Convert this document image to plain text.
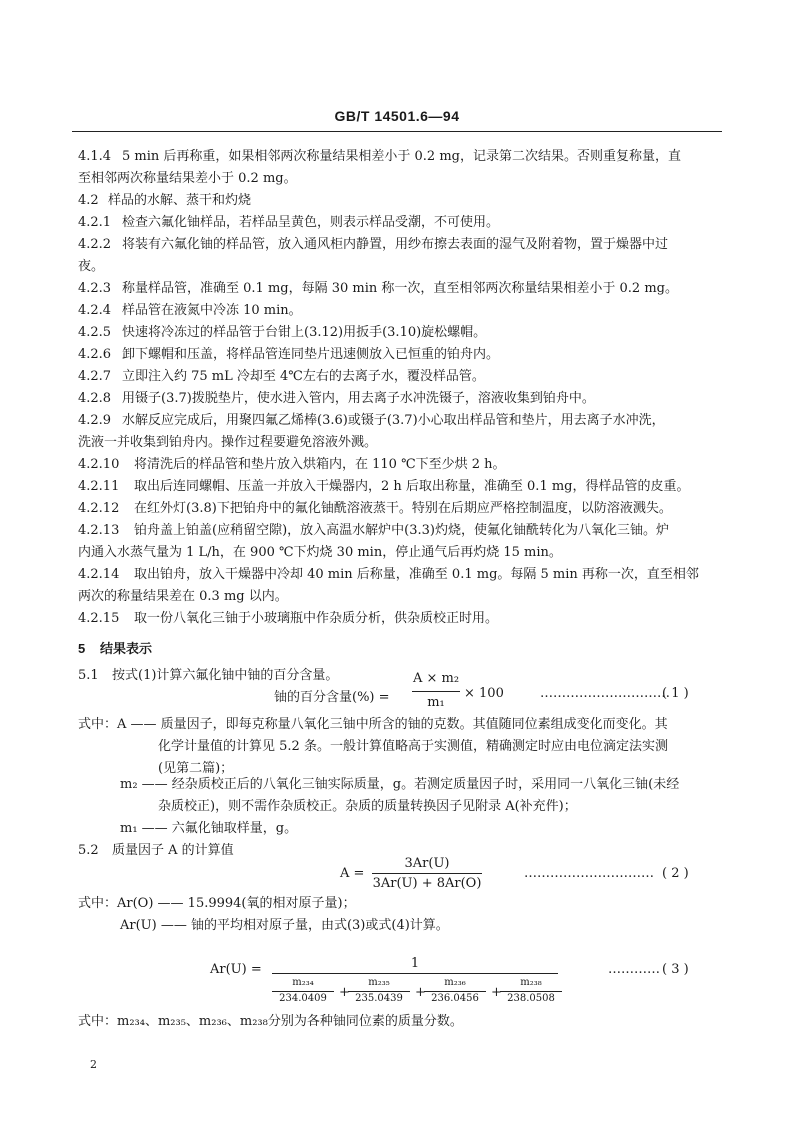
GB/T 14501.6—94
4.1.4 5 min 后再称重，如果相邻两次称量结果相差小于 0.2 mg，记录第二次结果。否则重复称量，直
至相邻两次称量结果差小于 0.2 mg。
4.2 样品的水解、蒸干和灼烧
4.2.1 检查六氟化铀样品，若样品呈黄色，则表示样品受潮，不可使用。
4.2.2 将装有六氟化铀的样品管，放入通风柜内静置，用纱布擦去表面的湿气及附着物，置于燥器中过
夜。
4.2.3 称量样品管，准确至 0.1 mg，每隔 30 min 称一次，直至相邻两次称量结果相差小于 0.2 mg。
4.2.4 样品管在液氮中冷冻 10 min。
4.2.5 快速将冷冻过的样品管于台钳上(3.12)用扳手(3.10)旋松螺帽。
4.2.6 卸下螺帽和压盖，将样品管连同垫片迅速侧放入已恒重的铂舟内。
4.2.7 立即注入约 75 mL 冷却至 4℃左右的去离子水，覆没样品管。
4.2.8 用镊子(3.7)拨脱垫片，使水进入管内，用去离子水冲洗镊子，溶液收集到铂舟中。
4.2.9 水解反应完成后，用聚四氟乙烯棒(3.6)或镊子(3.7)小心取出样品管和垫片，用去离子水冲洗，
洗液一并收集到铂舟内。操作过程要避免溶液外溅。
4.2.10 将清洗后的样品管和垫片放入烘箱内，在 110 ℃下至少烘 2 h。
4.2.11 取出后连同螺帽、压盖一并放入干燥器内，2 h 后取出称量，准确至 0.1 mg，得样品管的皮重。
4.2.12 在红外灯(3.8)下把铂舟中的氟化铀酰溶液蒸干。特别在后期应严格控制温度，以防溶液溅失。
4.2.13 铂舟盖上铂盖(应稍留空隙)，放入高温水解炉中(3.3)灼烧，使氟化铀酰转化为八氧化三铀。炉
内通入水蒸气量为 1 L/h，在 900 ℃下灼烧 30 min，停止通气后再灼烧 15 min。
4.2.14 取出铂舟，放入干燥器中冷却 40 min 后称量，准确至 0.1 mg。每隔 5 min 再称一次，直至相邻
两次的称量结果差在 0.3 mg 以内。
4.2.15 取一份八氧化三铀于小玻璃瓶中作杂质分析，供杂质校正时用。
5 结果表示
5.1 按式(1)计算六氟化铀中铀的百分含量。
铀的百分含量(%) =
A × m₂
m₁
× 100	…………………………
( 1 )
式中：A —— 质量因子，即每克称量八氧化三铀中所含的铀的克数。其值随同位素组成变化而变化。其
化学计量值的计算见 5.2 条。一般计算值略高于实测值，精确测定时应由电位滴定法实测
(见第二篇)；
m₂ —— 经杂质校正后的八氧化三铀实际质量，g。若测定质量因子时，采用同一八氧化三铀(未经
杂质校正)，则不需作杂质校正。杂质的质量转换因子见附录 A(补充件)；
m₁ —— 六氟化铀取样量，g。
5.2 质量因子 A 的计算值
A =
3Ar(U)
3Ar(U) + 8Ar(O)
………………………… ( 2 )
式中：Ar(O) —— 15.9994(氧的相对原子量)；
Ar(U) —— 铀的平均相对原子量，由式(3)或式(4)计算。
Ar(U) =	1
m₂₃₄
234.0409 +
m₂₃₅
235.0439 +
m₂₃₆
236.0456 +
m₂₃₈
238.0508
………… ( 3 )
式中：m₂₃₄、m₂₃₅、m₂₃₆、m₂₃₈分别为各种铀同位素的质量分数。
2
